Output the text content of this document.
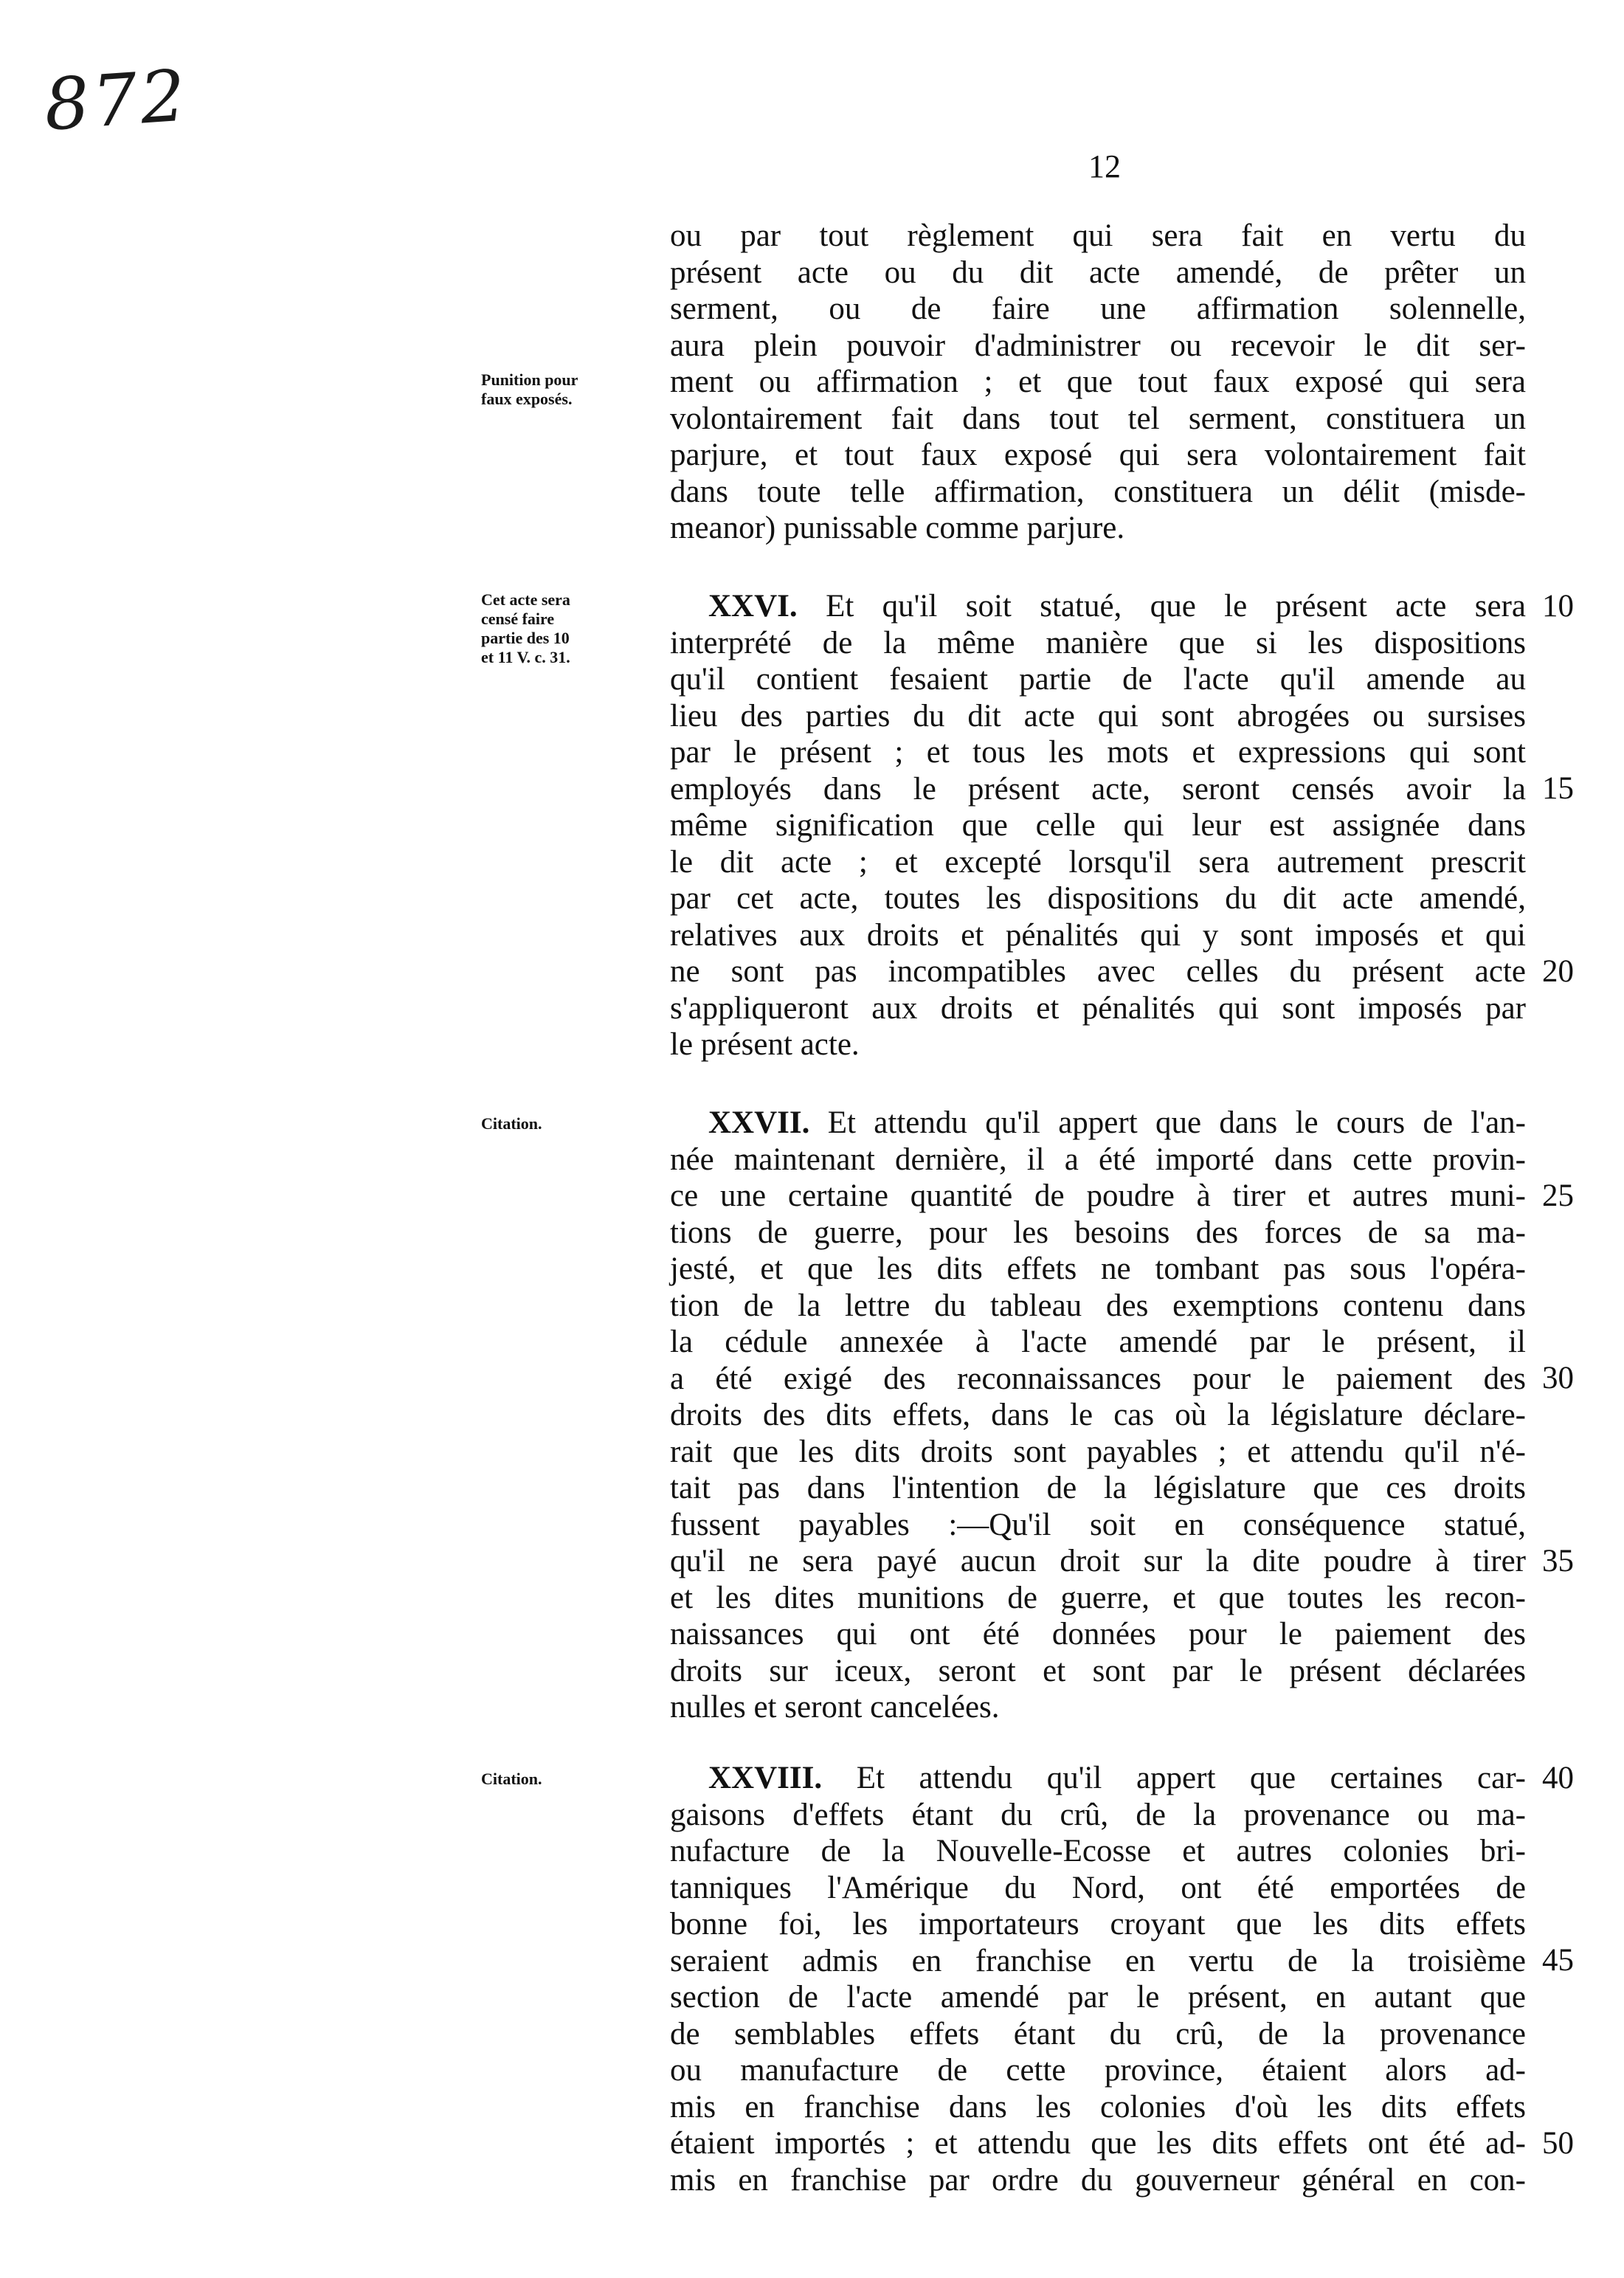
872
12
ou par tout règlement qui sera fait en vertu du
présent acte ou du dit acte amendé, de prêter un
serment, ou de faire une affirmation solennelle,
aura plein pouvoir d'administrer ou recevoir le dit ser-
ment ou affirmation ; et que tout faux exposé qui sera
volontairement fait dans tout tel serment, constituera un
parjure, et tout faux exposé qui sera volontairement fait
dans toute telle affirmation, constituera un délit (misde-
meanor) punissable comme parjure.
XXVI. Et qu'il soit statué, que le présent acte sera
interprété de la même manière que si les dispositions
qu'il contient fesaient partie de l'acte qu'il amende au
lieu des parties du dit acte qui sont abrogées ou sursises
par le présent ; et tous les mots et expressions qui sont
employés dans le présent acte, seront censés avoir la
même signification que celle qui leur est assignée dans
le dit acte ; et excepté lorsqu'il sera autrement prescrit
par cet acte, toutes les dispositions du dit acte amendé,
relatives aux droits et pénalités qui y sont imposés et qui
ne sont pas incompatibles avec celles du présent acte
s'appliqueront aux droits et pénalités qui sont imposés par
le présent acte.
XXVII. Et attendu qu'il appert que dans le cours de l'an-
née maintenant dernière, il a été importé dans cette provin-
ce une certaine quantité de poudre à tirer et autres muni-
tions de guerre, pour les besoins des forces de sa ma-
jesté, et que les dits effets ne tombant pas sous l'opéra-
tion de la lettre du tableau des exemptions contenu dans
la cédule annexée à l'acte amendé par le présent, il
a été exigé des reconnaissances pour le paiement des
droits des dits effets, dans le cas où la législature déclare-
rait que les dits droits sont payables ; et attendu qu'il n'é-
tait pas dans l'intention de la législature que ces droits
fussent payables :—Qu'il soit en conséquence statué,
qu'il ne sera payé aucun droit sur la dite poudre à tirer
et les dites munitions de guerre, et que toutes les recon-
naissances qui ont été données pour le paiement des
droits sur iceux, seront et sont par le présent déclarées
nulles et seront cancelées.
XXVIII. Et attendu qu'il appert que certaines car-
gaisons d'effets étant du crû, de la provenance ou ma-
nufacture de la Nouvelle-Ecosse et autres colonies bri-
tanniques l'Amérique du Nord, ont été emportées de
bonne foi, les importateurs croyant que les dits effets
seraient admis en franchise en vertu de la troisième
section de l'acte amendé par le présent, en autant que
de semblables effets étant du crû, de la provenance
ou manufacture de cette province, étaient alors ad-
mis en franchise dans les colonies d'où les dits effets
étaient importés ; et attendu que les dits effets ont été ad-
mis en franchise par ordre du gouverneur général en con-
Punition pour
faux exposés.
Cet acte sera
censé faire
partie des 10
et 11 V. c. 31.
Citation.
Citation.
10
15
20
25
30
35
40
45
50
